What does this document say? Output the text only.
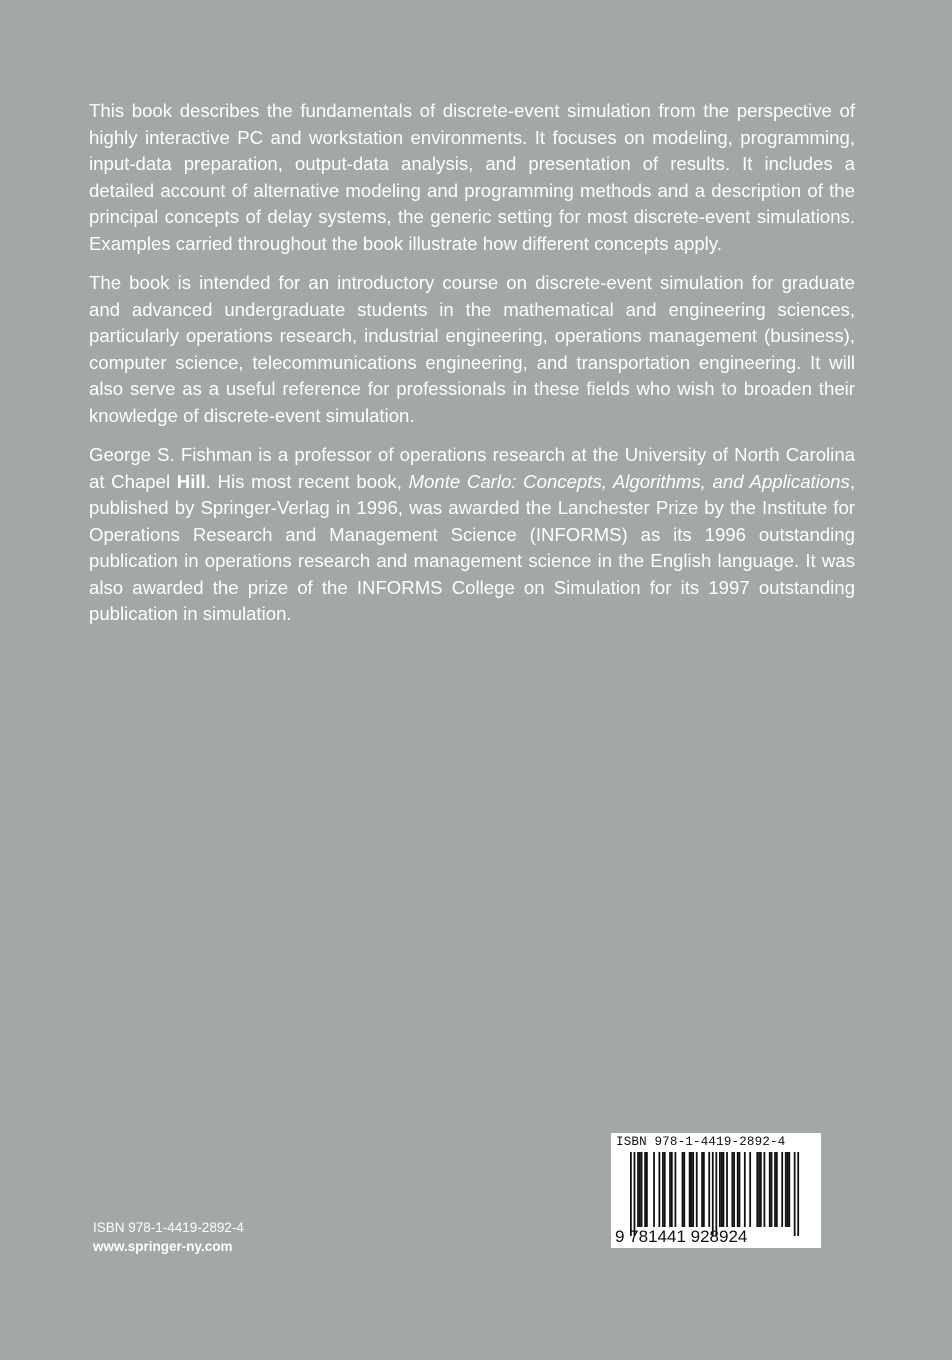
This book describes the fundamentals of discrete-event simulation from the perspective of highly interactive PC and workstation environments. It focuses on modeling, programming, input-data preparation, output-data analysis, and presentation of results. It includes a detailed account of alternative modeling and programming methods and a description of the principal concepts of delay systems, the generic setting for most discrete-event simulations. Examples carried throughout the book illustrate how different concepts apply.

The book is intended for an introductory course on discrete-event simulation for graduate and advanced undergraduate students in the mathematical and engineering sciences, particularly operations research, industrial engineering, operations management (business), computer science, telecommunications engineering, and transportation engineering. It will also serve as a useful reference for professionals in these fields who wish to broaden their knowledge of discrete-event simulation.

George S. Fishman is a professor of operations research at the University of North Carolina at Chapel Hill. His most recent book, Monte Carlo: Concepts, Algorithms, and Applications, published by Springer-Verlag in 1996, was awarded the Lanchester Prize by the Institute for Operations Research and Management Science (INFORMS) as its 1996 outstanding publication in operations research and management science in the English language. It was also awarded the prize of the INFORMS College on Simulation for its 1997 outstanding publication in simulation.

ISBN 978-1-4419-2892-4
www.springer-ny.com
ISBN 978-1-4419-2892-4
9 781441 928924
